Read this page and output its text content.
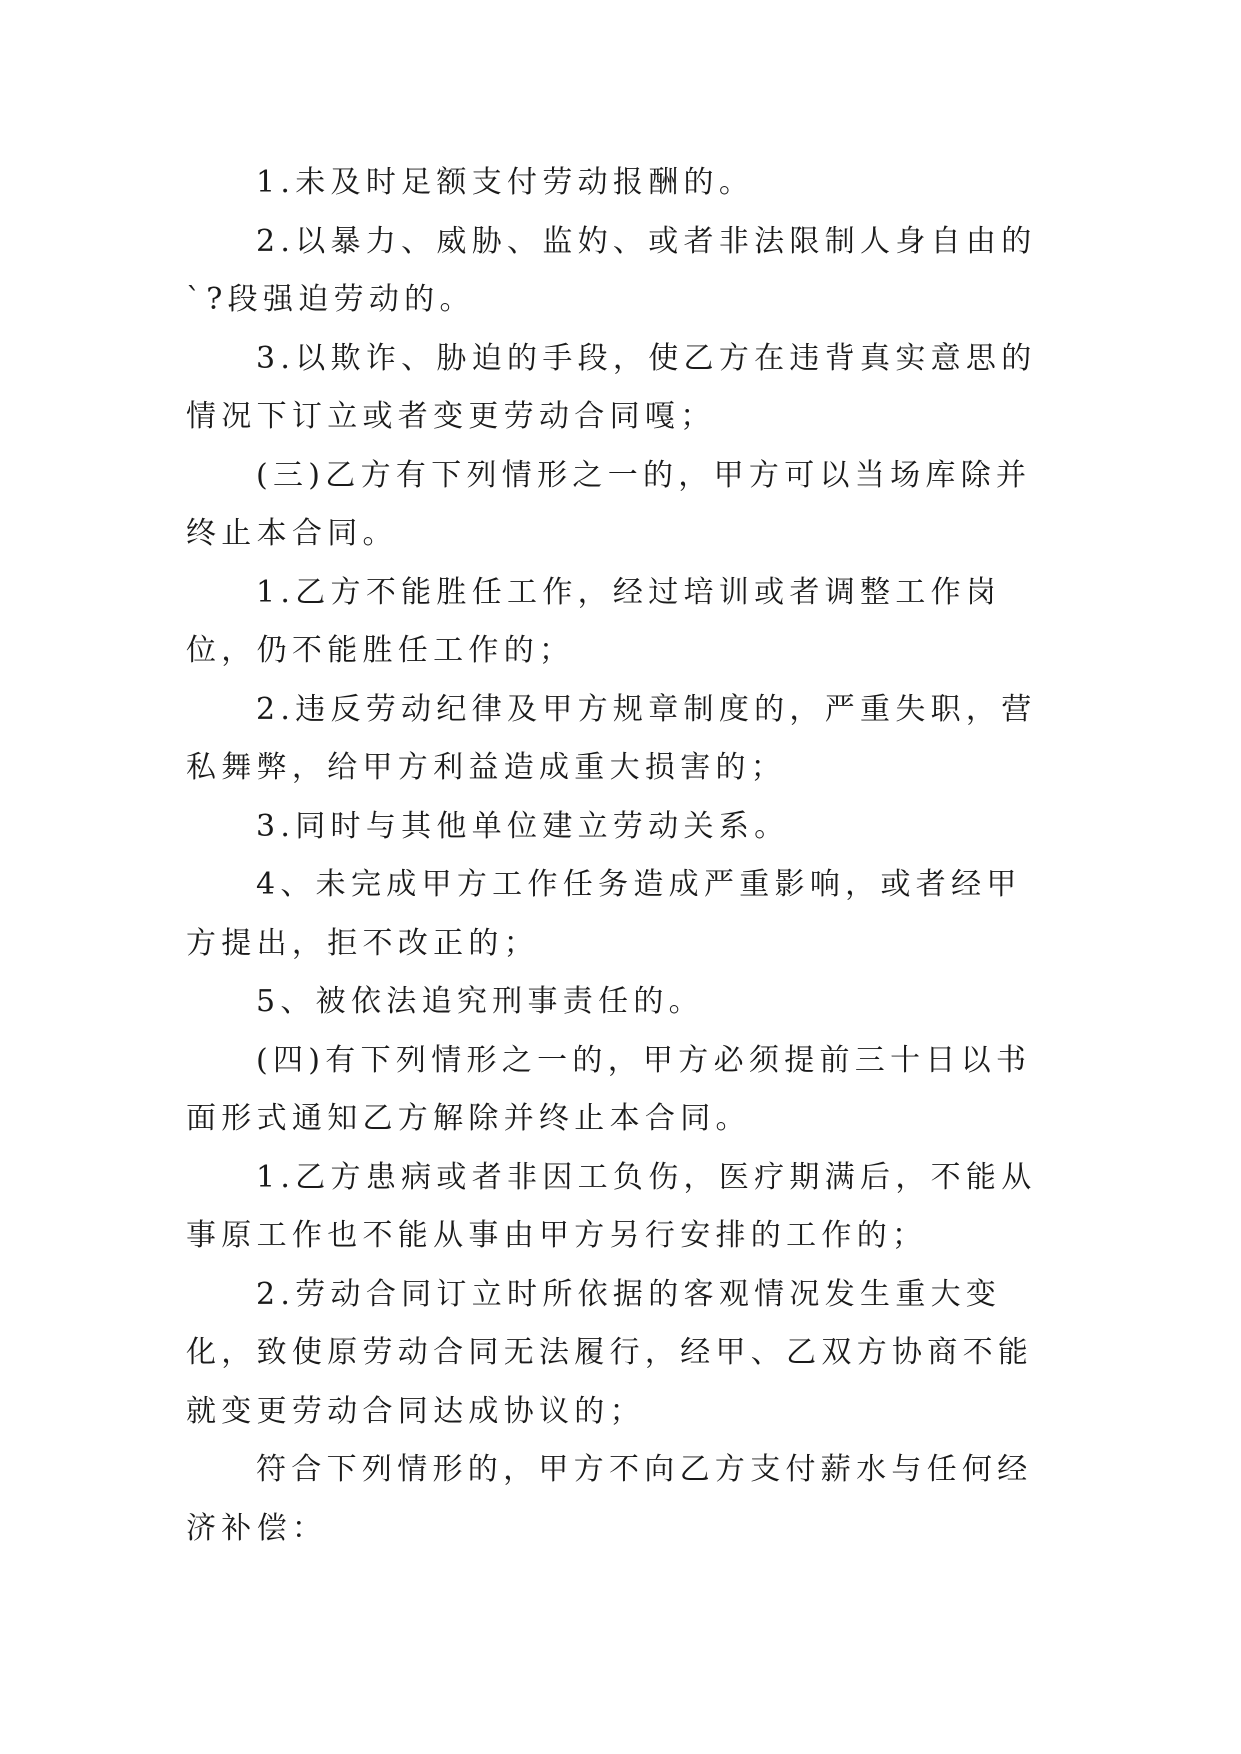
1.未及时足额支付劳动报酬的。

2.以暴力、威胁、监妁、或者非法限制人身自由的`?段强迫劳动的。

3.以欺诈、胁迫的手段，使乙方在违背真实意思的情况下订立或者变更劳动合同嘎；

(三)乙方有下列情形之一的，甲方可以当场库除并终止本合同。

1.乙方不能胜任工作，经过培训或者调整工作岗位，仍不能胜任工作的；

2.违反劳动纪律及甲方规章制度的，严重失职，营私舞弊，给甲方利益造成重大损害的；

3.同时与其他单位建立劳动关系。

4、未完成甲方工作任务造成严重影响，或者经甲方提出，拒不改正的；

5、被依法追究刑事责任的。

(四)有下列情形之一的，甲方必须提前三十日以书面形式通知乙方解除并终止本合同。

1.乙方患病或者非因工负伤，医疗期满后，不能从事原工作也不能从事由甲方另行安排的工作的；

2.劳动合同订立时所依据的客观情况发生重大变化，致使原劳动合同无法履行，经甲、乙双方协商不能就变更劳动合同达成协议的；

符合下列情形的，甲方不向乙方支付薪水与任何经济补偿：
